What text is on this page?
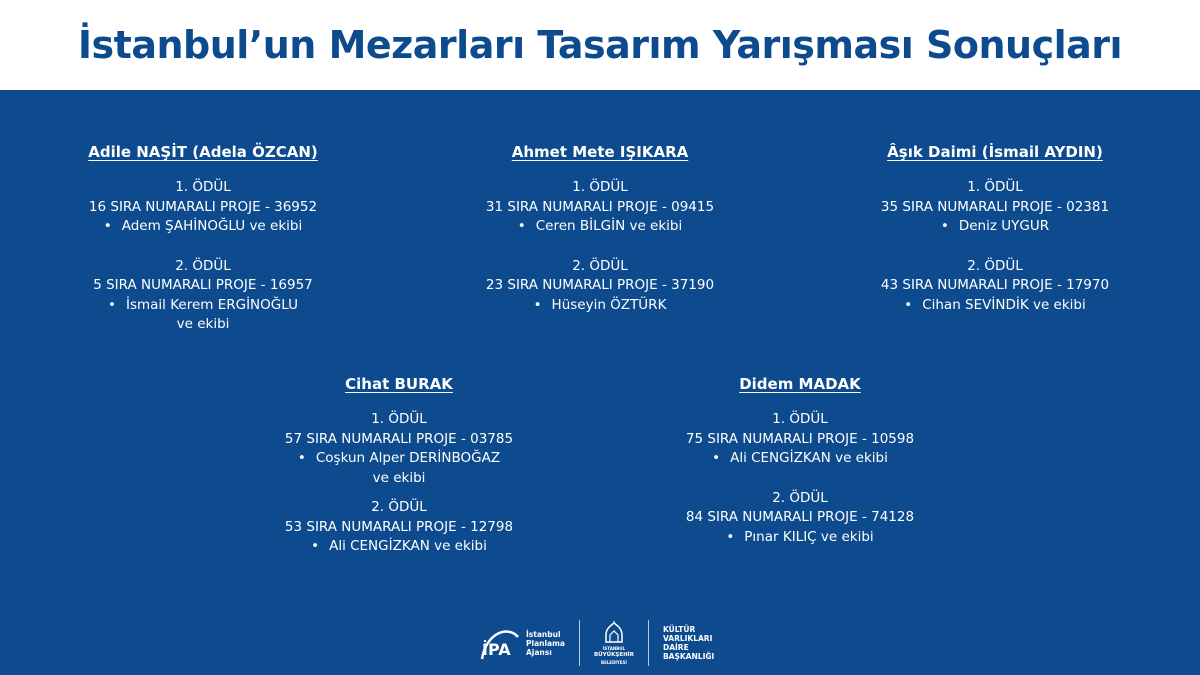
İstanbul’un Mezarları Tasarım Yarışması Sonuçları
Adile NAŞİT (Adela ÖZCAN)
1. ÖDÜL
16 SIRA NUMARALI PROJE - 36952
• Adem ŞAHİNOĞLU ve ekibi
2. ÖDÜL
5 SIRA NUMARALI PROJE - 16957
• İsmail Kerem ERGİNOĞLU
ve ekibi
Ahmet Mete IŞIKARA
1. ÖDÜL
31 SIRA NUMARALI PROJE - 09415
• Ceren BİLGİN ve ekibi
2. ÖDÜL
23 SIRA NUMARALI PROJE - 37190
• Hüseyin ÖZTÜRK
Âşık Daimi (İsmail AYDIN)
1. ÖDÜL
35 SIRA NUMARALI PROJE - 02381
• Deniz UYGUR
2. ÖDÜL
43 SIRA NUMARALI PROJE - 17970
• Cihan SEVİNDİK ve ekibi
Cihat BURAK
1. ÖDÜL
57 SIRA NUMARALI PROJE - 03785
• Coşkun Alper DERİNBOĞAZ
ve ekibi
2. ÖDÜL
53 SIRA NUMARALI PROJE - 12798
• Ali CENGİZKAN ve ekibi
Didem MADAK
1. ÖDÜL
75 SIRA NUMARALI PROJE - 10598
• Ali CENGİZKAN ve ekibi
2. ÖDÜL
84 SIRA NUMARALI PROJE - 74128
• Pınar KILIÇ ve ekibi
İPA
İstanbul
Planlama
Ajansı	İSTANBUL
BÜYÜKŞEHİR
BELEDİYESİ
KÜLTÜR
VARLIKLARI
DAİRE
BAŞKANLIĞI
